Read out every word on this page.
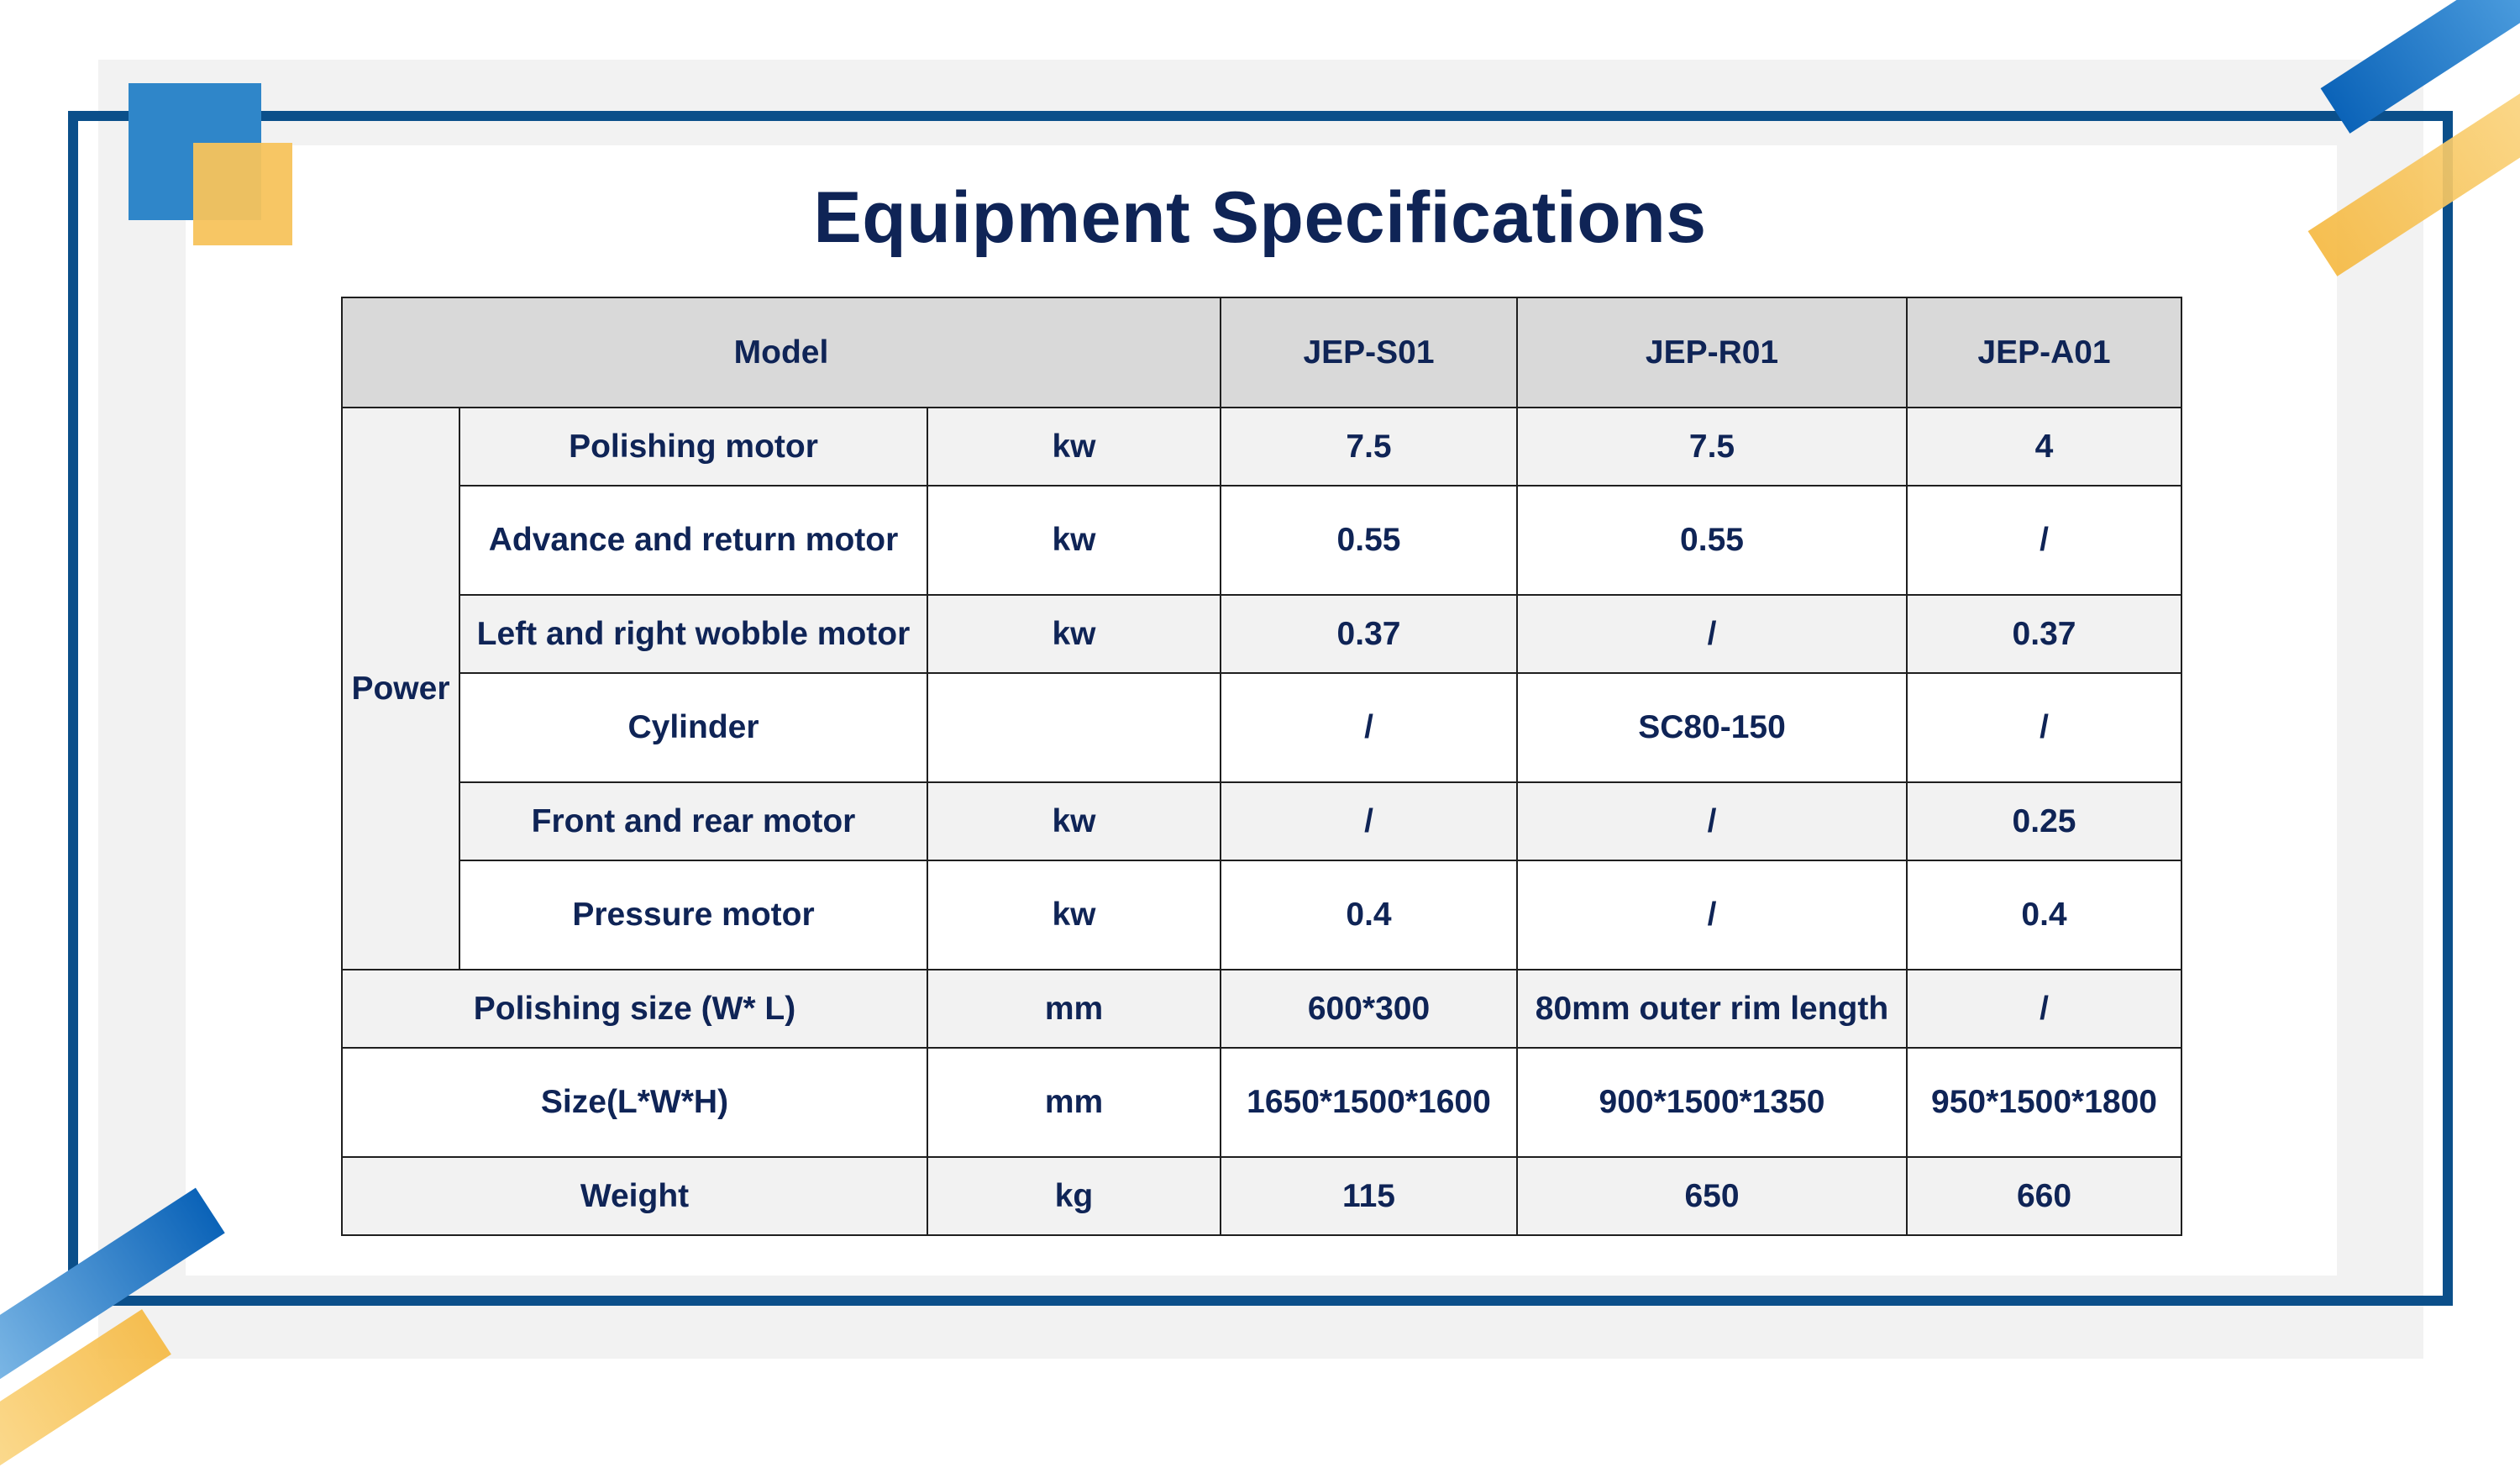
Equipment Specifications
Model			JEP-S01	JEP-R01	JEP-A01
Power	Polishing motor	kw	7.5	7.5	4
	Advance and return motor	kw	0.55	0.55	/
	Left and right wobble motor	kw	0.37	/	0.37
	Cylinder		/	SC80-150	/
	Front and rear motor	kw	/	/	0.25
	Pressure motor	kw	0.4	/	0.4
Polishing size (W* L)		mm	600*300	80mm outer rim length	/
Size(L*W*H)		mm	1650*1500*1600	900*1500*1350	950*1500*1800
Weight		kg	115	650	660
